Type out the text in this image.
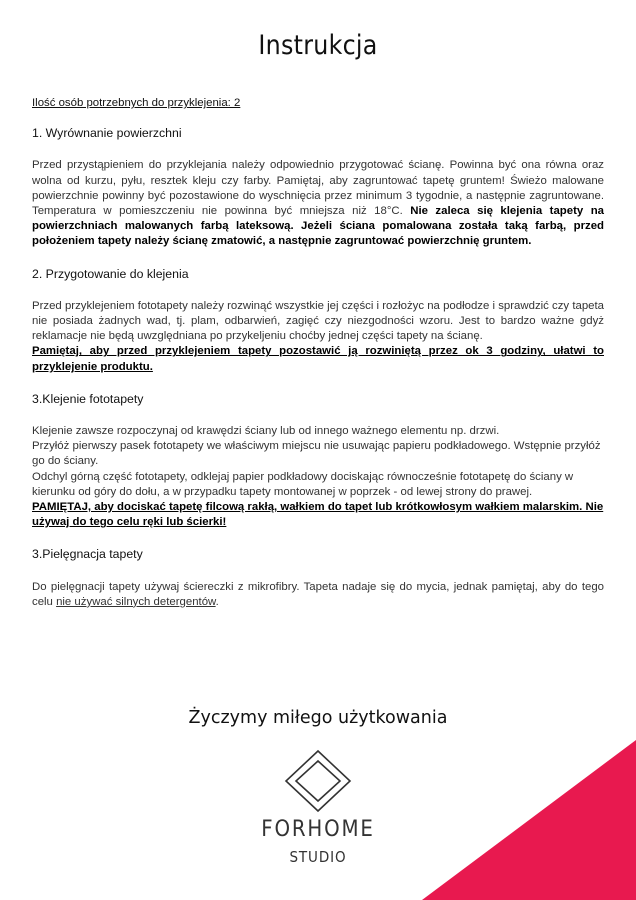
Instrukcja

Ilość osób potrzebnych do przyklejenia: 2

1. Wyrównanie powierzchni

Przed przystąpieniem do przyklejania należy odpowiednio przygotować ścianę. Powinna być ona równa oraz wolna od kurzu, pyłu, resztek kleju czy farby. Pamiętaj, aby zagruntować tapetę gruntem! Świeżo malowane powierzchnie powinny być pozostawione do wyschnięcia przez minimum 3 tygodnie, a następnie zagruntowane. Temperatura w pomieszczeniu nie powinna być mniejsza niż 18°C. Nie zaleca się klejenia tapety na powierzchniach malowanych farbą lateksową. Jeżeli ściana pomalowana została taką farbą, przed położeniem tapety należy ścianę zmatowić, a następnie zagruntować powierzchnię gruntem.

2. Przygotowanie do klejenia

Przed przyklejeniem fototapety należy rozwinąć wszystkie jej części i rozłożyc na podłodze i sprawdzić czy tapeta nie posiada żadnych wad, tj. plam, odbarwień, zagięć czy niezgodności wzoru. Jest to bardzo ważne gdyż reklamacje nie będą uwzględniana po przykeljeniu choćby jednej części tapety na ścianę.
Pamiętaj, aby przed przyklejeniem tapety pozostawić ją rozwiniętą przez ok 3 godziny, ułatwi to przyklejenie produktu.

3.Klejenie fototapety

Klejenie zawsze rozpoczynaj od krawędzi ściany lub od innego ważnego elementu np. drzwi.
Przyłóż pierwszy pasek fototapety we właściwym miejscu nie usuwając papieru podkładowego. Wstępnie przyłóż go do ściany.
Odchyl górną część fototapety, odklejaj papier podkładowy dociskając równocześnie fototapetę do ściany w kierunku od góry do dołu, a w przypadku tapety montowanej w poprzek - od lewej strony do prawej.
PAMIĘTAJ, aby dociskać tapetę filcową rakłą, wałkiem do tapet lub krótkowłosym wałkiem malarskim. Nie używaj do tego celu ręki lub ścierki!

3.Pielęgnacja tapety

Do pielęgnacji tapety używaj ściereczki z mikrofibry. Tapeta nadaje się do mycia, jednak pamiętaj, aby do tego celu nie używać silnych detergentów.

Życzymy miłego użytkowania
FORHOME
STUDIO
